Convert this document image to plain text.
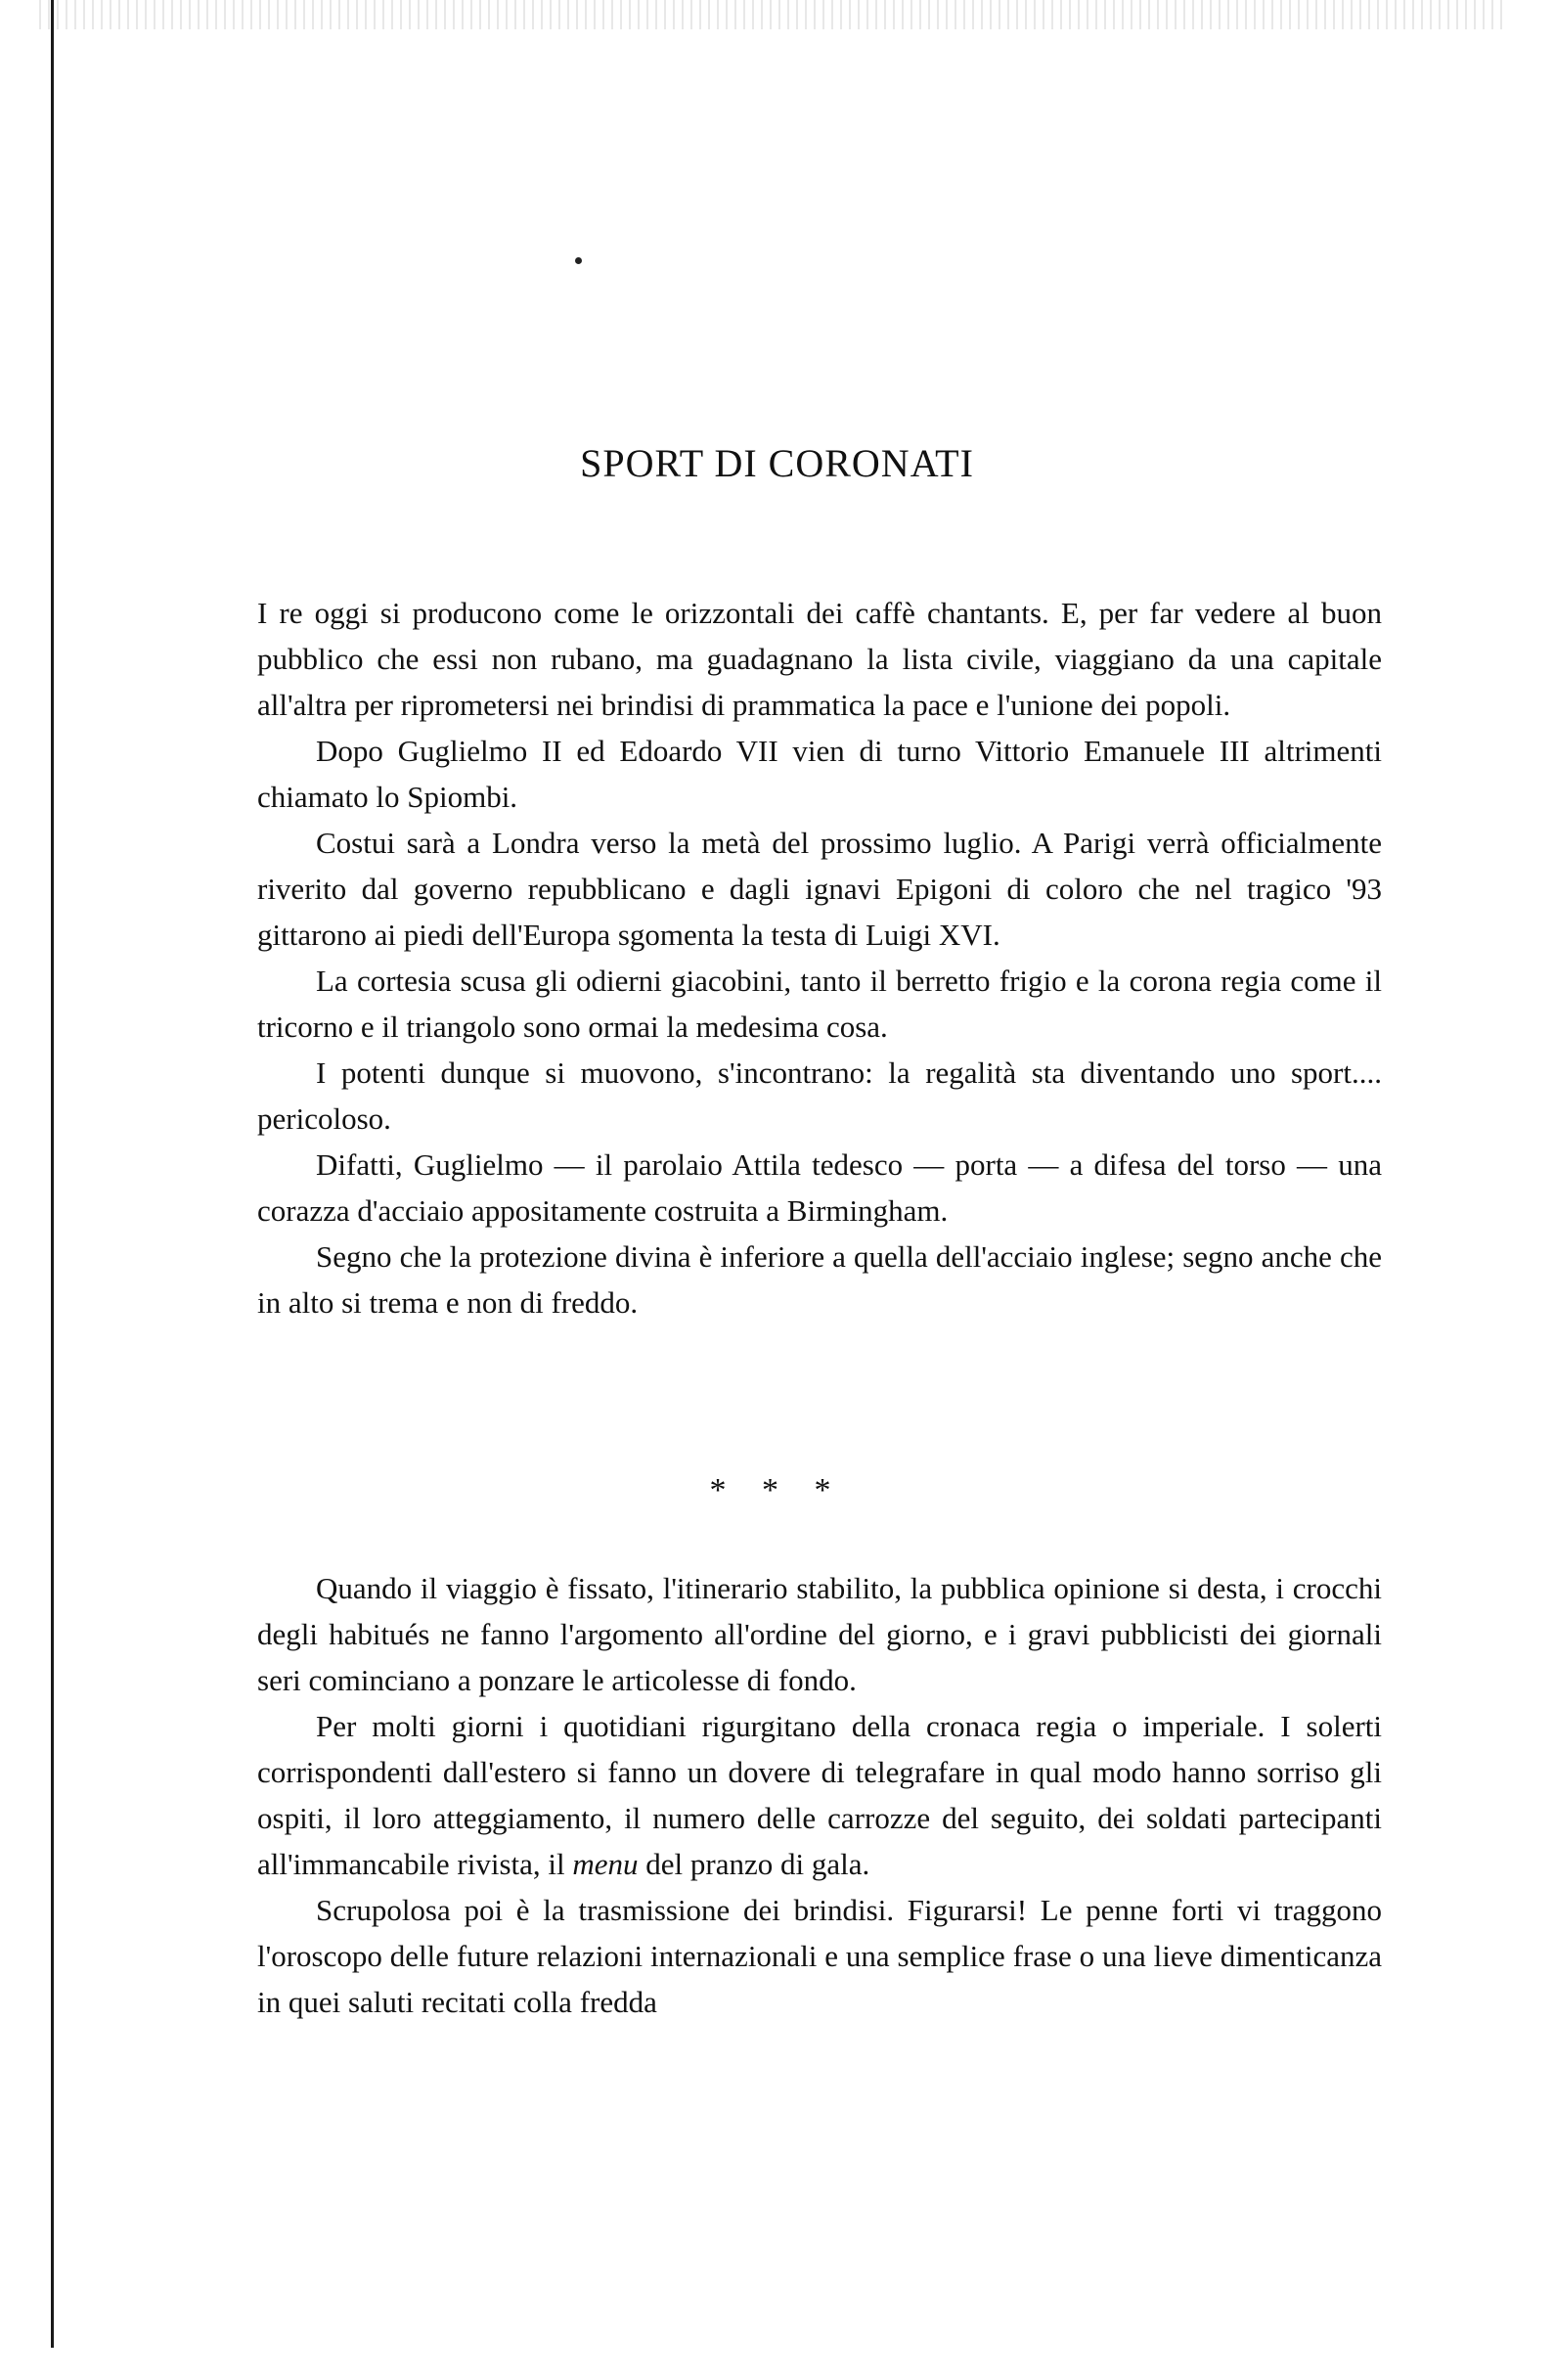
SPORT DI CORONATI

I re oggi si producono come le orizzontali dei caffè chantants. E, per far vedere al buon pubblico che essi non rubano, ma guadagnano la lista civile, viaggiano da una capitale all'altra per riprometersi nei brindisi di prammatica la pace e l'unione dei popoli.

Dopo Guglielmo II ed Edoardo VII vien di turno Vittorio Emanuele III altrimenti chiamato lo Spiombi.

Costui sarà a Londra verso la metà del prossimo luglio. A Parigi verrà officialmente riverito dal governo repubblicano e dagli ignavi Epigoni di coloro che nel tragico '93 gittarono ai piedi dell'Europa sgomenta la testa di Luigi XVI.

La cortesia scusa gli odierni giacobini, tanto il berretto frigio e la corona regia come il tricorno e il triangolo sono ormai la medesima cosa.

I potenti dunque si muovono, s'incontrano: la regalità sta diventando uno sport.... pericoloso.

Difatti, Guglielmo — il parolaio Attila tedesco — porta — a difesa del torso — una corazza d'acciaio appositamente costruita a Birmingham.

Segno che la protezione divina è inferiore a quella dell'acciaio inglese; segno anche che in alto si trema e non di freddo.

* * *

Quando il viaggio è fissato, l'itinerario stabilito, la pubblica opinione si desta, i crocchi degli habitués ne fanno l'argomento all'ordine del giorno, e i gravi pubblicisti dei giornali seri cominciano a ponzare le articolesse di fondo.

Per molti giorni i quotidiani rigurgitano della cronaca regia o imperiale. I solerti corrispondenti dall'estero si fanno un dovere di telegrafare in qual modo hanno sorriso gli ospiti, il loro atteggiamento, il numero delle carrozze del seguito, dei soldati partecipanti all'immancabile rivista, il menu del pranzo di gala.

Scrupolosa poi è la trasmissione dei brindisi. Figurarsi! Le penne forti vi traggono l'oroscopo delle future relazioni internazionali e una semplice frase o una lieve dimenticanza in quei saluti recitati colla fredda
